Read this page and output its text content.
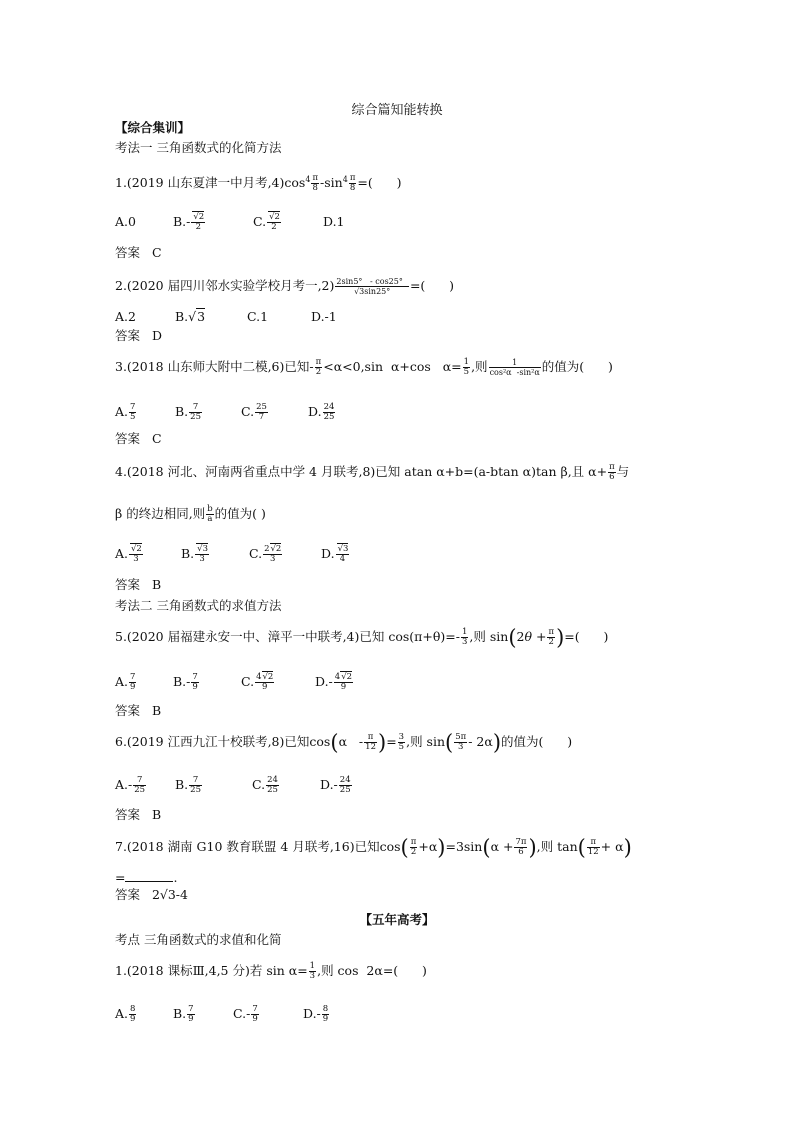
综合篇知能转换
【综合集训】
考法一 三角函数式的化简方法
1.(2019 山东夏津一中月考$,4)\cos^4 \frac{\pi}{8} -\sin^4 \frac{\pi}{8}$ =(      )
A.0	$B.- \frac{√2}{2}$	C. $\frac{√2}{2}$	D.1
答案 C
2.(2020 届四川邻水实验学校月考一$,2) \frac{2\sin 5^\circ - \cos 25^\circ}{√3\sin 25^\circ}$ =(      )
A.2	B.√3	C.1	D.-1
答案 D
3.(2018 山东师大附中二模,6)已知- $\frac{\pi}{2} <\alpha<0,\sin$  α+cos   $\alpha= \frac{1}{5}$ ,则 $\frac{1}{\text{cos²α  -sin²α}}$ 的值为(      )
A. $\frac{7}{5}$	B. $\frac{7}{25}$	C. $\frac{25}{7}$	D. $\frac{24}{25}$
答案 C
4.(2018 河北、河南两省重点中学 4 月联考,8)已知 atan α+b=(a-btan α)tan β,且 $\alpha+ \frac{\pi}{6}$ 与
β 的终边相同,则 $\frac{b}{a}$ 的值为( )
A. $\frac{√2}{3}$	B. $\frac{√3}{3}$	C. $\frac{2√2}{3}$	D. $\frac{√3}{4}$
答案 B
考法二 三角函数式的求值方法
5.(2020 届福建永安一中、漳平一中联考,4)已知 $\cos(\pi+\theta)=- \frac{1}{3}$ ,则 $\sin(2\theta + \frac{\pi}{2}$ )=(      )
A. $\frac{7}{9}$	$B.- \frac{7}{9}$	C. $\frac{4√2}{9}$	$D.- \frac{4√2}{9}$
答案 B
6.(2019 江西九江十校联考,8)已知$\cos(\alpha - \frac{\pi}{12}$ )= $\frac{3}{5}$ ,则 $\sin( \frac{5\pi}{3} - 2\alpha)$的值为(      )
$A.- \frac{7}{25} B$. $\frac{7}{25}$	C. $\frac{24}{25}$	$D.- \frac{24}{25}$
答案 B
7.(2018 湖南 G10 教育联盟 4 月联考,16)已知$\cos( \frac{\pi}{2} +\alpha)=3\sin(\alpha + \frac{7\pi}{6}$ ),则 $\tan( \frac{\pi}{12} + \alpha)$
=	.
答案 2√3-4
【五年高考】
考点 三角函数式的求值和化简
1.(2018 课标Ⅲ,4,5 分)若 $\sin \alpha= \frac{1}{3}$ ,则 cos  2α=(      )
A. $\frac{8}{9}$	B. $\frac{7}{9}$	$C.- \frac{7}{9}$	$D.- \frac{8}{9}$
